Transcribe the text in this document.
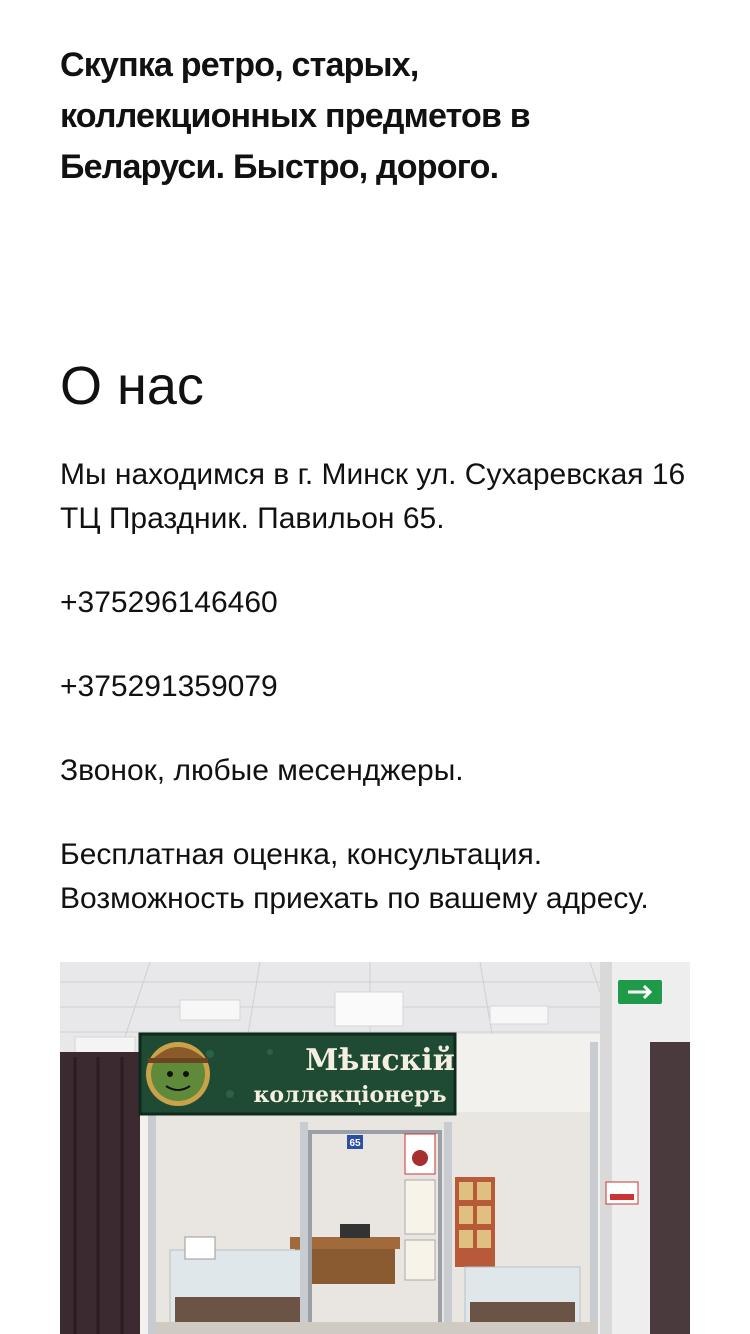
Скупка ретро, старых, коллекционных предметов в Беларуси. Быстро, дорого.
О нас

Мы находимся в г. Минск ул. Сухаревская 16 ТЦ Праздник. Павильон 65.

+375296146460

+375291359079

Звонок, любые месенджеры.

Бесплатная оценка, консультация. Возможность приехать по вашему адресу.

65
Мѣнскiй
коллекцiонеръ
